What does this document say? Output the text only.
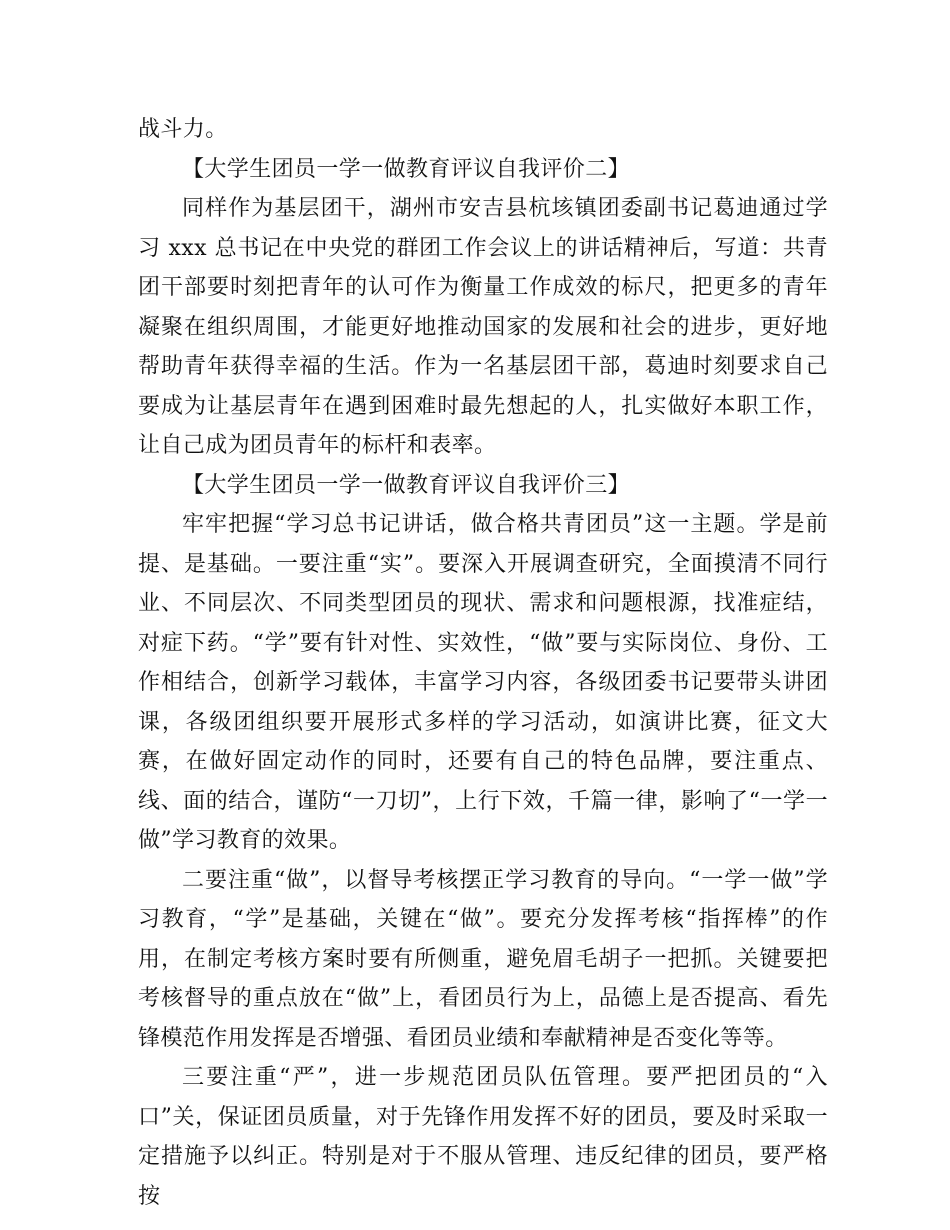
战斗力。

【大学生团员一学一做教育评议自我评价二】

同样作为基层团干，湖州市安吉县杭垓镇团委副书记葛迪通过学习 xxx 总书记在中央党的群团工作会议上的讲话精神后，写道：共青团干部要时刻把青年的认可作为衡量工作成效的标尺，把更多的青年凝聚在组织周围，才能更好地推动国家的发展和社会的进步，更好地帮助青年获得幸福的生活。作为一名基层团干部，葛迪时刻要求自己要成为让基层青年在遇到困难时最先想起的人，扎实做好本职工作，让自己成为团员青年的标杆和表率。

【大学生团员一学一做教育评议自我评价三】

牢牢把握“学习总书记讲话，做合格共青团员”这一主题。学是前提、是基础。一要注重“实”。要深入开展调查研究，全面摸清不同行业、不同层次、不同类型团员的现状、需求和问题根源，找准症结，对症下药。“学”要有针对性、实效性，“做”要与实际岗位、身份、工作相结合，创新学习载体，丰富学习内容，各级团委书记要带头讲团课，各级团组织要开展形式多样的学习活动，如演讲比赛，征文大赛，在做好固定动作的同时，还要有自己的特色品牌，要注重点、线、面的结合，谨防“一刀切”，上行下效，千篇一律，影响了“一学一做”学习教育的效果。

二要注重“做”，以督导考核摆正学习教育的导向。“一学一做”学习教育，“学”是基础，关键在“做”。要充分发挥考核“指挥棒”的作用，在制定考核方案时要有所侧重，避免眉毛胡子一把抓。关键要把考核督导的重点放在“做”上，看团员行为上，品德上是否提高、看先锋模范作用发挥是否增强、看团员业绩和奉献精神是否变化等等。

三要注重“严”，进一步规范团员队伍管理。要严把团员的“入口”关，保证团员质量，对于先锋作用发挥不好的团员，要及时采取一定措施予以纠正。特别是对于不服从管理、违反纪律的团员，要严格按
